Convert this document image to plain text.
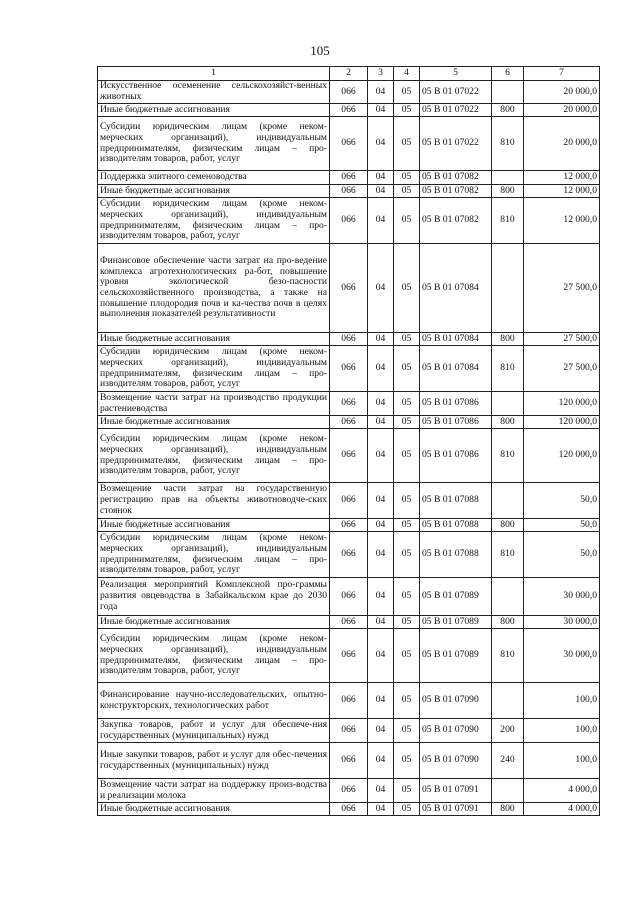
105
1	2	3	4	5	6	7
Искусственное осеменение сельскохозяйст-венных животных	066	04	05	05 В 01 07022		20 000,0
Иные бюджетные ассигнования	066	04	05	05 В 01 07022	800	20 000,0
Субсидии юридическим лицам (кроме неком-мерческих организаций), индивидуальным предпринимателям, физическим лицам – про-изводителям товаров, работ, услуг	066	04	05	05 В 01 07022	810	20 000,0
Поддержка элитного семеноводства	066	04	05	05 В 01 07082		12 000,0
Иные бюджетные ассигнования	066	04	05	05 В 01 07082	800	12 000,0
Субсидии юридическим лицам (кроме неком-мерческих организаций), индивидуальным предпринимателям, физическим лицам – про-изводителям товаров, работ, услуг	066	04	05	05 В 01 07082	810	12 000,0
Финансовое обеспечение части затрат на про-ведение комплекса агротехнологических ра-бот, повышение уровня экологической безо-пасности сельскохозяйственного производства, а также на повышение плодородия почв и ка-чества почв в целях выполнения показателей результативности	066	04	05	05 В 01 07084		27 500,0
Иные бюджетные ассигнования	066	04	05	05 В 01 07084	800	27 500,0
Субсидии юридическим лицам (кроме неком-мерческих организаций), индивидуальным предпринимателям, физическим лицам – про-изводителям товаров, работ, услуг	066	04	05	05 В 01 07084	810	27 500,0
Возмещение части затрат на производство продукции растениеводства	066	04	05	05 В 01 07086		120 000,0
Иные бюджетные ассигнования	066	04	05	05 В 01 07086	800	120 000,0
Субсидии юридическим лицам (кроме неком-мерческих организаций), индивидуальным предпринимателям, физическим лицам – про-изводителям товаров, работ, услуг	066	04	05	05 В 01 07086	810	120 000,0
Возмещение части затрат на государственную регистрацию прав на объекты животноводче-ских стоянок	066	04	05	05 В 01 07088		50,0
Иные бюджетные ассигнования	066	04	05	05 В 01 07088	800	50,0
Субсидии юридическим лицам (кроме неком-мерческих организаций), индивидуальным предпринимателям, физическим лицам – про-изводителям товаров, работ, услуг	066	04	05	05 В 01 07088	810	50,0
Реализация мероприятий Комплексной про-граммы развития овцеводства в Забайкальском крае до 2030 года	066	04	05	05 В 01 07089		30 000,0
Иные бюджетные ассигнования	066	04	05	05 В 01 07089	800	30 000,0
Субсидии юридическим лицам (кроме неком-мерческих организаций), индивидуальным предпринимателям, физическим лицам – про-изводителям товаров, работ, услуг	066	04	05	05 В 01 07089	810	30 000,0
Финансирование научно-исследовательских, опытно-конструкторских, технологических работ	066	04	05	05 В 01 07090		100,0
Закупка товаров, работ и услуг для обеспече-ния государственных (муниципальных) нужд	066	04	05	05 В 01 07090	200	100,0
Иные закупки товаров, работ и услуг для обес-печения государственных (муниципальных) нужд	066	04	05	05 В 01 07090	240	100,0
Возмещение части затрат на поддержку произ-водства и реализации молока	066	04	05	05 В 01 07091		4 000,0
Иные бюджетные ассигнования	066	04	05	05 В 01 07091	800	4 000,0
